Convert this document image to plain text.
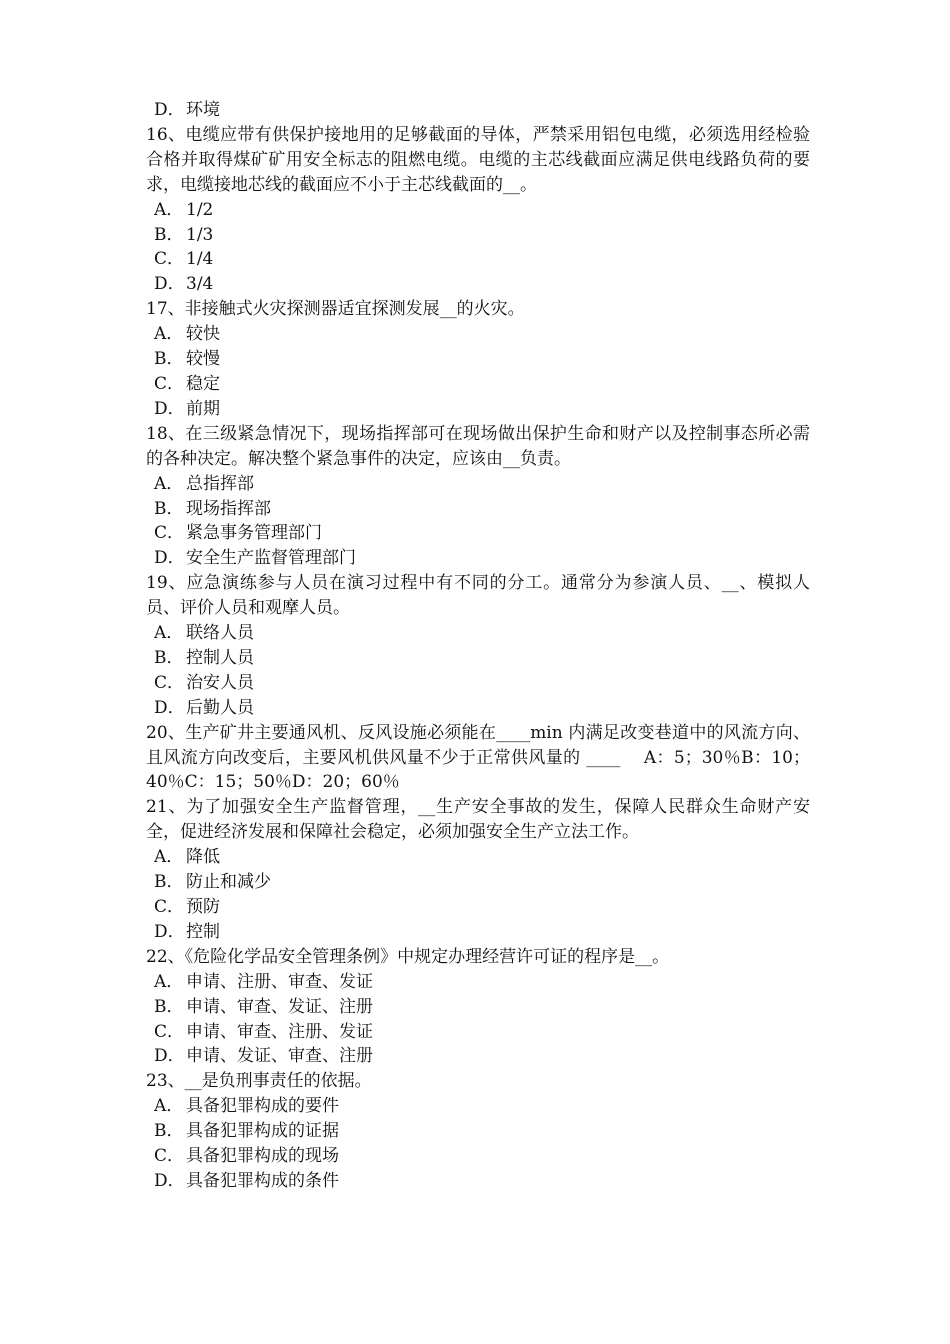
D．环境

16、电缆应带有供保护接地用的足够截面的导体，严禁采用铝包电缆，必须选用经检验合格并取得煤矿矿用安全标志的阻燃电缆。电缆的主芯线截面应满足供电线路负荷的要求，电缆接地芯线的截面应不小于主芯线截面的__。

A． 1/2

B． 1/3

C． 1/4

D．3/4

17、非接触式火灾探测器适宜探测发展__的火灾。

A． 较快

B． 较慢

C． 稳定

D．前期

18、在三级紧急情况下，现场指挥部可在现场做出保护生命和财产以及控制事态所必需的各种决定。解决整个紧急事件的决定，应该由__负责。

A． 总指挥部

B． 现场指挥部

C． 紧急事务管理部门

D．安全生产监督管理部门

19、应急演练参与人员在演习过程中有不同的分工。通常分为参演人员、__、模拟人员、评价人员和观摩人员。

A． 联络人员

B． 控制人员

C． 治安人员

D．后勤人员

20、生产矿井主要通风机、反风设施必须能在____min 内满足改变巷道中的风流方向、且风流方向改变后，主要风机供风量不少于正常供风量的 ____　 A：5；30％B：10；40％C：15；50％D：20；60％

21、为了加强安全生产监督管理，__生产安全事故的发生，保障人民群众生命财产安全，促进经济发展和保障社会稳定，必须加强安全生产立法工作。

A． 降低

B． 防止和减少

C． 预防

D．控制

22、《危险化学品安全管理条例》中规定办理经营许可证的程序是__。

A． 申请、注册、审查、发证

B． 申请、审查、发证、注册

C． 申请、审查、注册、发证

D．申请、发证、审查、注册

23、__是负刑事责任的依据。

A． 具备犯罪构成的要件

B． 具备犯罪构成的证据

C． 具备犯罪构成的现场

D．具备犯罪构成的条件
